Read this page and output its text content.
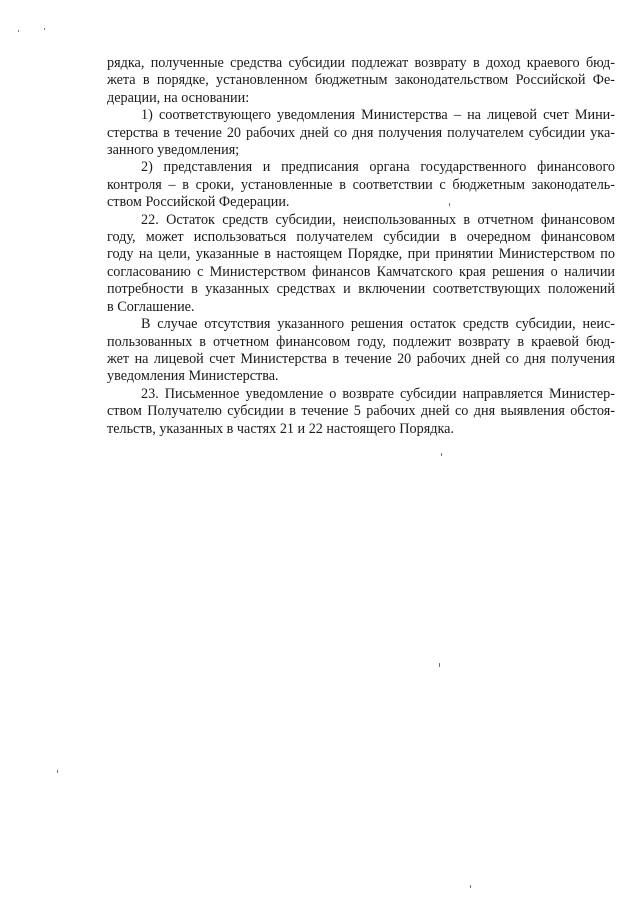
рядка, полученные средства субсидии подлежат возврату в доход краевого бюд-
жета в порядке, установленном бюджетным законодательством Российской Фе-
дерации, на основании:
1) соответствующего уведомления Министерства – на лицевой счет Мини-
стерства в течение 20 рабочих дней со дня получения получателем субсидии ука-
занного уведомления;
2) представления и предписания органа государственного финансового
контроля – в сроки, установленные в соответствии с бюджетным законодатель-
ством Российской Федерации.
22. Остаток средств субсидии, неиспользованных в отчетном финансовом
году, может использоваться получателем субсидии в очередном финансовом
году на цели, указанные в настоящем Порядке, при принятии Министерством по
согласованию с Министерством финансов Камчатского края решения о наличии
потребности в указанных средствах и включении соответствующих положений
в Соглашение.
В случае отсутствия указанного решения остаток средств субсидии, неис-
пользованных в отчетном финансовом году, подлежит возврату в краевой бюд-
жет на лицевой счет Министерства в течение 20 рабочих дней со дня получения
уведомления Министерства.
23. Письменное уведомление о возврате субсидии направляется Министер-
ством Получателю субсидии в течение 5 рабочих дней со дня выявления обстоя-
тельств, указанных в частях 21 и 22 настоящего Порядка.
